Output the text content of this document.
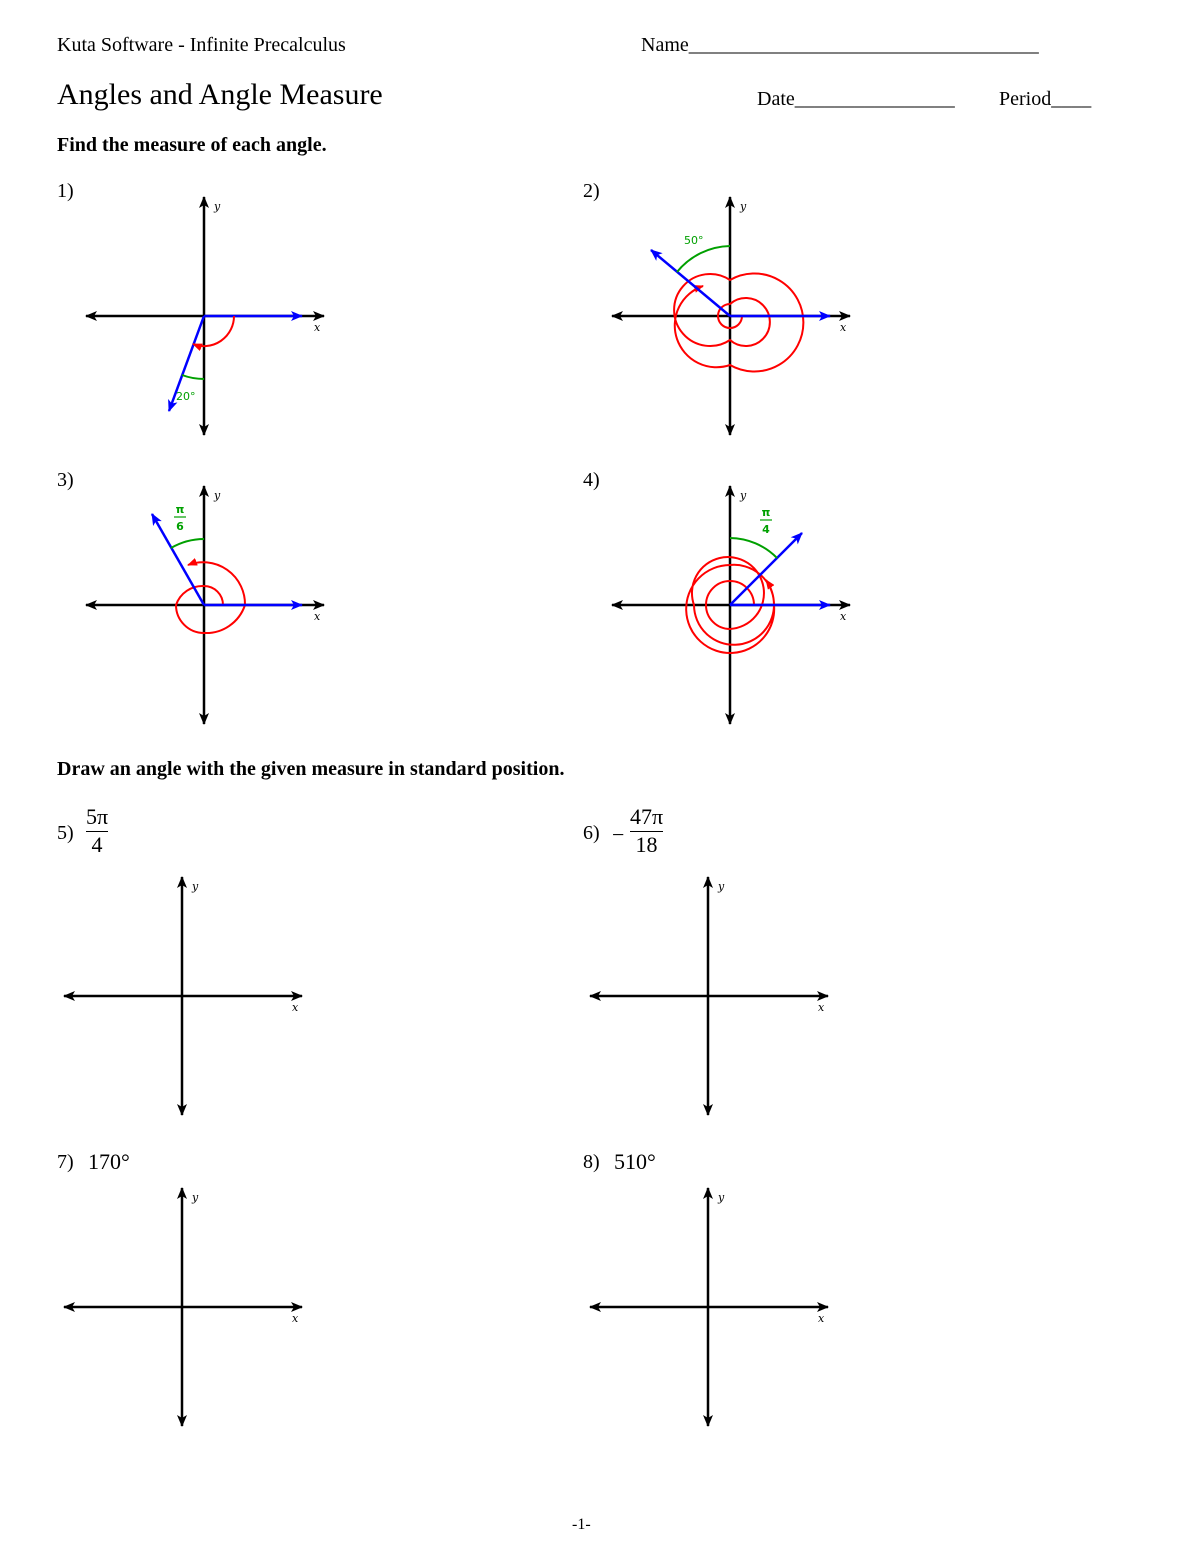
Kuta Software - Infinite Precalculus	Name___________________________________
Angles and Angle Measure	Date________________ Period____
Find the measure of each angle.
1)
y
x
20°
2)
y
x
50°
3)
y
x
π
6
4)
y
x
π
4
Draw an angle with the given measure in standard position.
5)
5π
4
y
x
6) −
47π
18
y
x
7) 170°
y
x
8) 510°
y
x
-1-
